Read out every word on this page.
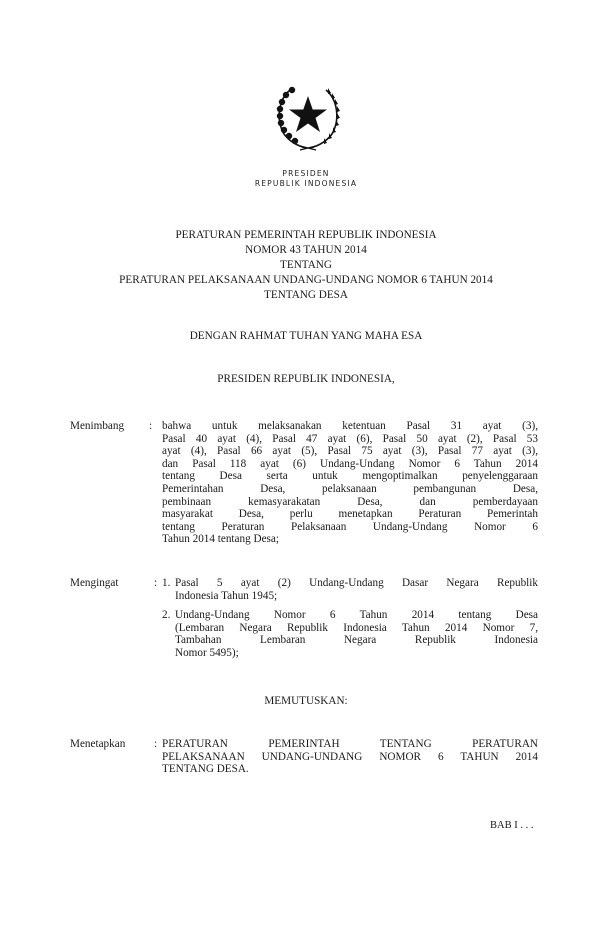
PRESIDEN
REPUBLIK INDONESIA
PERATURAN PEMERINTAH REPUBLIK INDONESIA
NOMOR 43 TAHUN 2014
TENTANG
PERATURAN PELAKSANAAN UNDANG-UNDANG NOMOR 6 TAHUN 2014
TENTANG DESA
DENGAN RAHMAT TUHAN YANG MAHA ESA
PRESIDEN REPUBLIK INDONESIA,
Menimbang : bahwa untuk melaksanakan ketentuan Pasal 31 ayat (3),
Pasal 40 ayat (4), Pasal 47 ayat (6), Pasal 50 ayat (2), Pasal 53
ayat (4), Pasal 66 ayat (5), Pasal 75 ayat (3), Pasal 77 ayat (3),
dan Pasal 118 ayat (6) Undang-Undang Nomor 6 Tahun 2014
tentang Desa serta untuk mengoptimalkan penyelenggaraan
Pemerintahan Desa, pelaksanaan pembangunan Desa,
pembinaan kemasyarakatan Desa, dan pemberdayaan
masyarakat Desa, perlu menetapkan Peraturan Pemerintah
tentang Peraturan Pelaksanaan Undang-Undang Nomor 6
Tahun 2014 tentang Desa;
Mengingat	: 1. Pasal 5 ayat (2) Undang-Undang Dasar Negara Republik
Indonesia Tahun 1945;
2. Undang-Undang Nomor 6 Tahun 2014 tentang Desa
(Lembaran Negara Republik Indonesia Tahun 2014 Nomor 7,
Tambahan Lembaran Negara Republik Indonesia
Nomor 5495);
MEMUTUSKAN:
Menetapkan	: PERATURAN PEMERINTAH TENTANG PERATURAN
PELAKSANAAN UNDANG-UNDANG NOMOR 6 TAHUN 2014
TENTANG DESA.
BAB I . . .
